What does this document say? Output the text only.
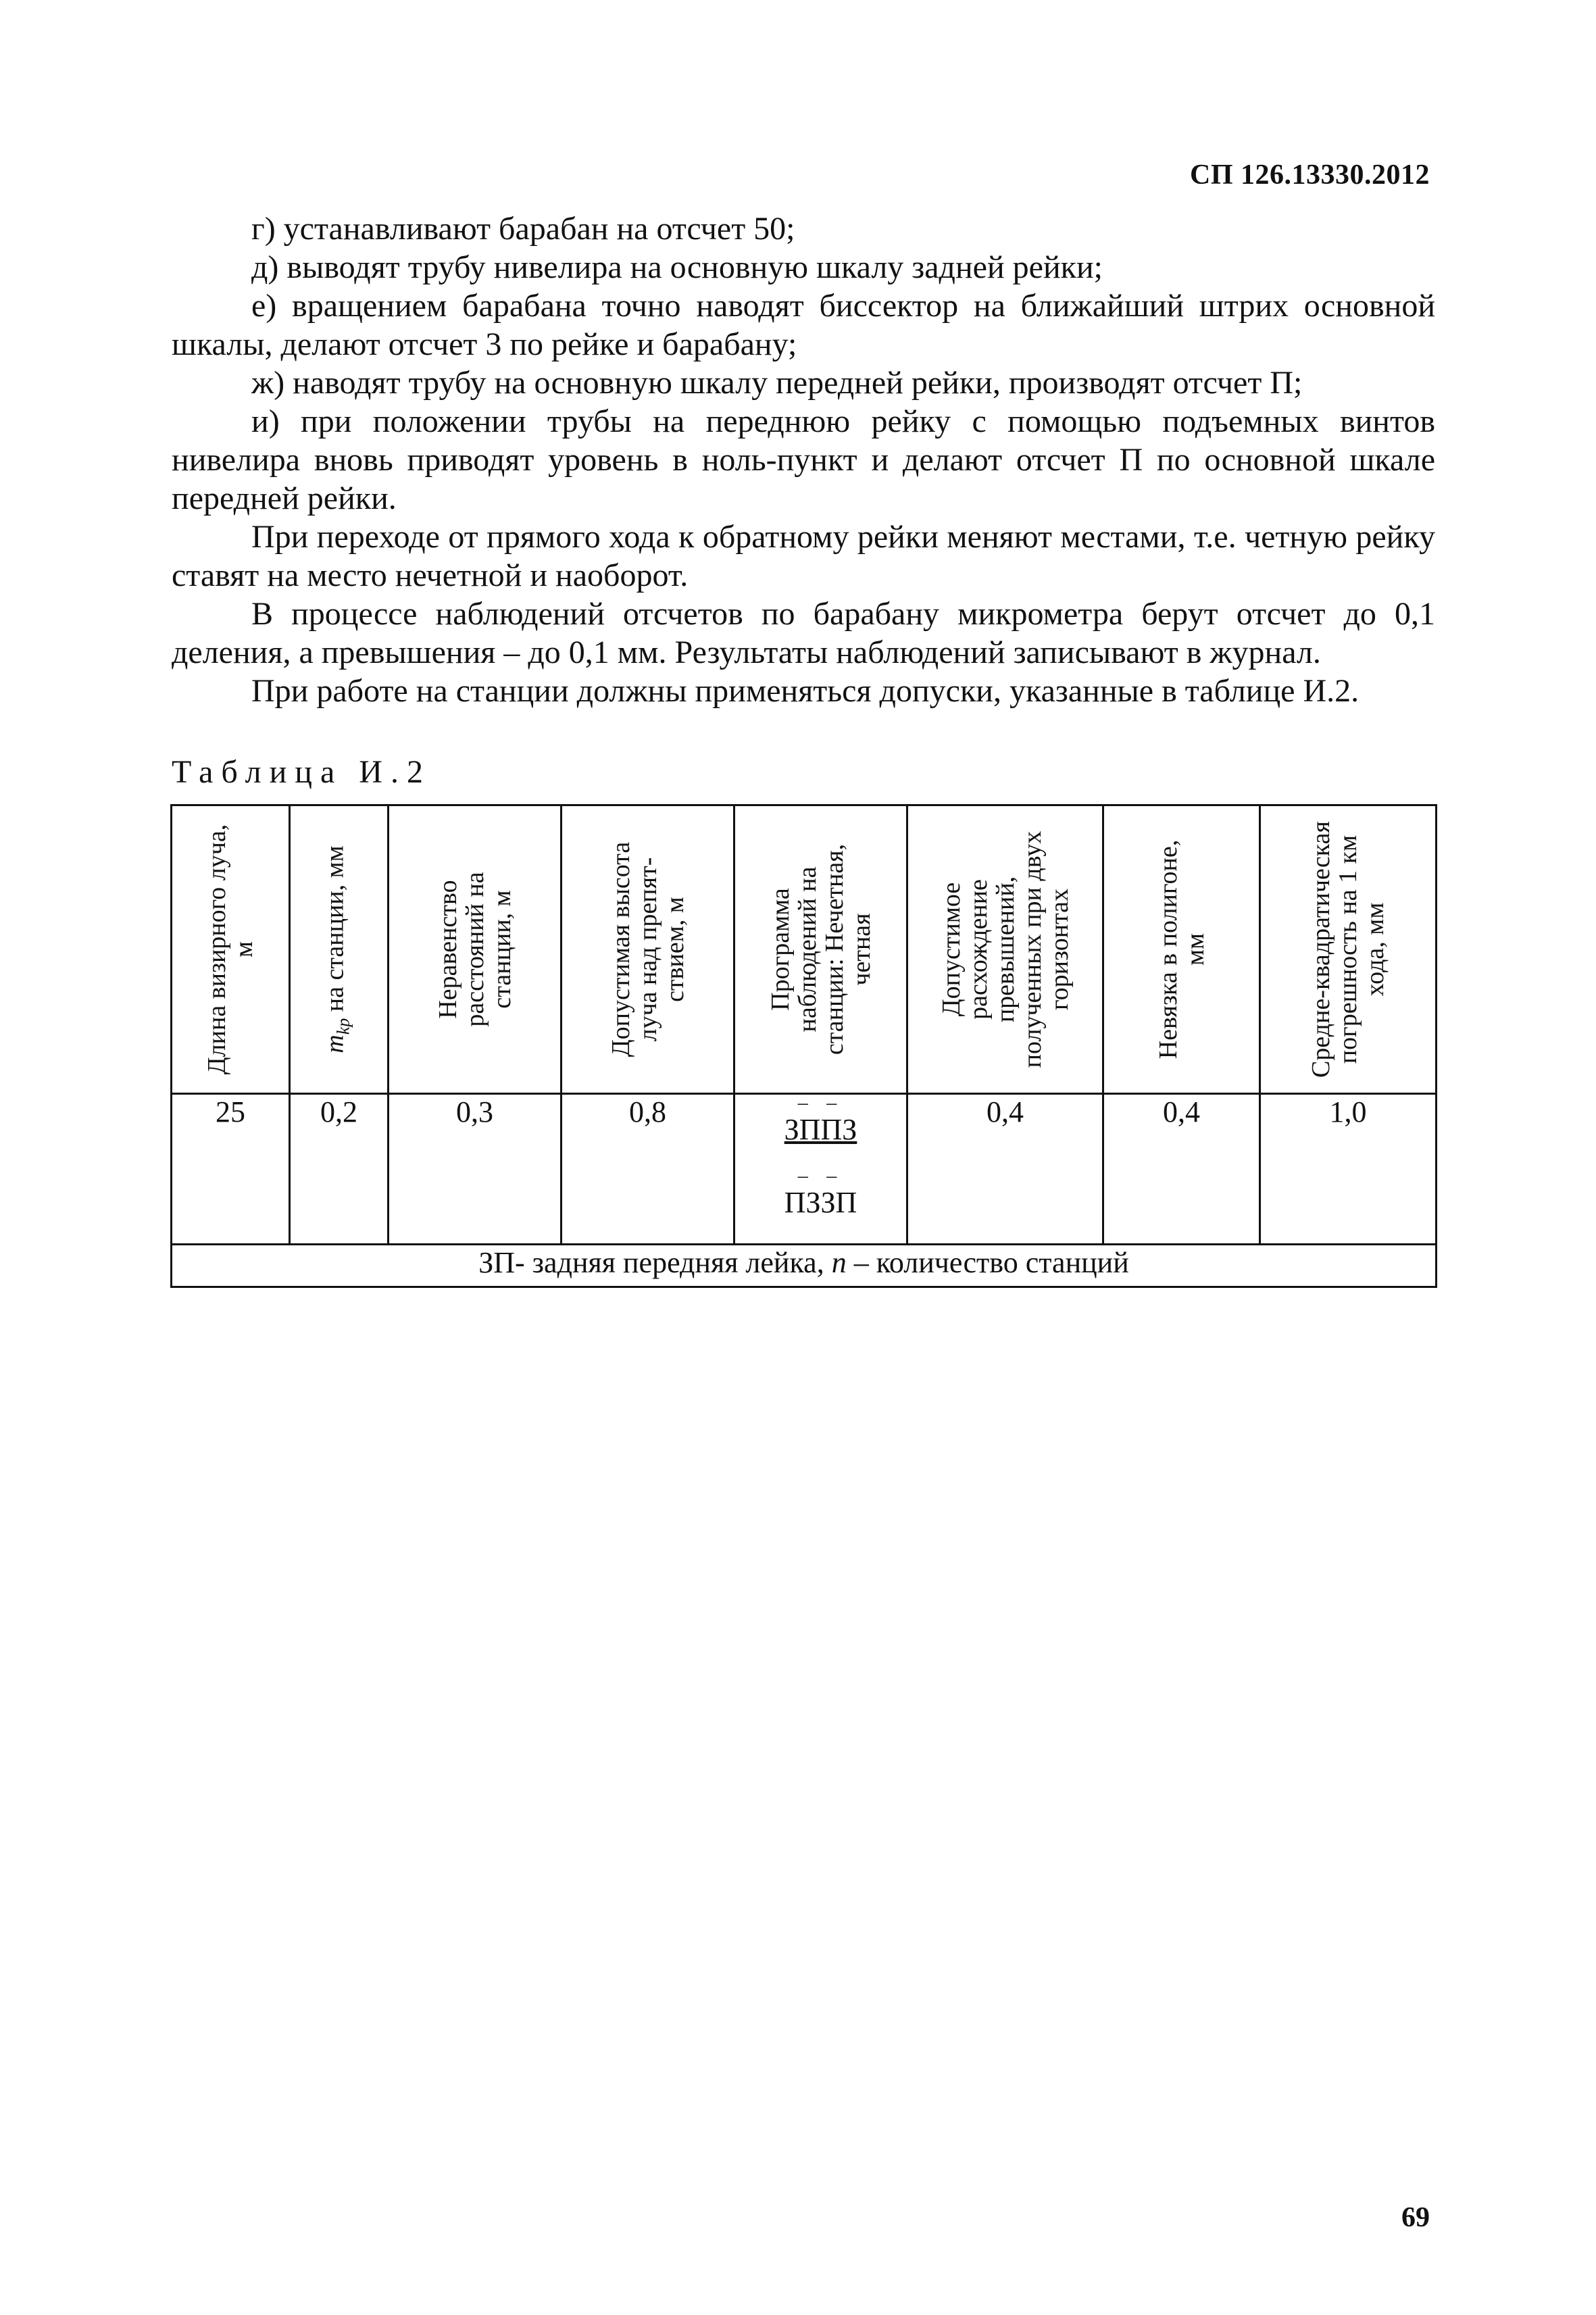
СП 126.13330.2012

г) устанавливают барабан на отсчет 50;

д) выводят трубу нивелира на основную шкалу задней рейки;

е) вращением барабана точно наводят биссектор на ближайший штрих основной шкалы, делают отсчет 3 по рейке и барабану;

ж) наводят трубу на основную шкалу передней рейки, производят отсчет П;

и) при положении трубы на переднюю рейку с помощью подъемных винтов нивелира вновь приводят уровень в ноль-пункт и делают отсчет П по основной шкале передней рейки.

При переходе от прямого хода к обратному рейки меняют местами, т.е. четную рейку ставят на место нечетной и наоборот.

В процессе наблюдений отсчетов по барабану микрометра берут отсчет до 0,1 деления, а превышения – до 0,1 мм. Результаты наблюдений записывают в журнал.

При работе на станции должны применяться допуски, указанные в таблице И.2.

Таблица И.2
Длина визирного луча, м	$m_{kp}$ на станции, мм	Неравенство расстояний на станции, м	Допустимая высота луча над препят-ствием, м	Программа наблюдений на станции: Нечетная, четная	Допустимое расхождение превышений, полученных при двух горизонтах	Невязка в полигоне, мм	Средне-квадратическая погрешность на 1 км хода, мм

25	0,2	0,3	0,8	– –
ЗППЗ
– –
ПЗЗП	0,4	0,4	1,0
ЗП- задняя передняя лейка, n – количество станций							
69
